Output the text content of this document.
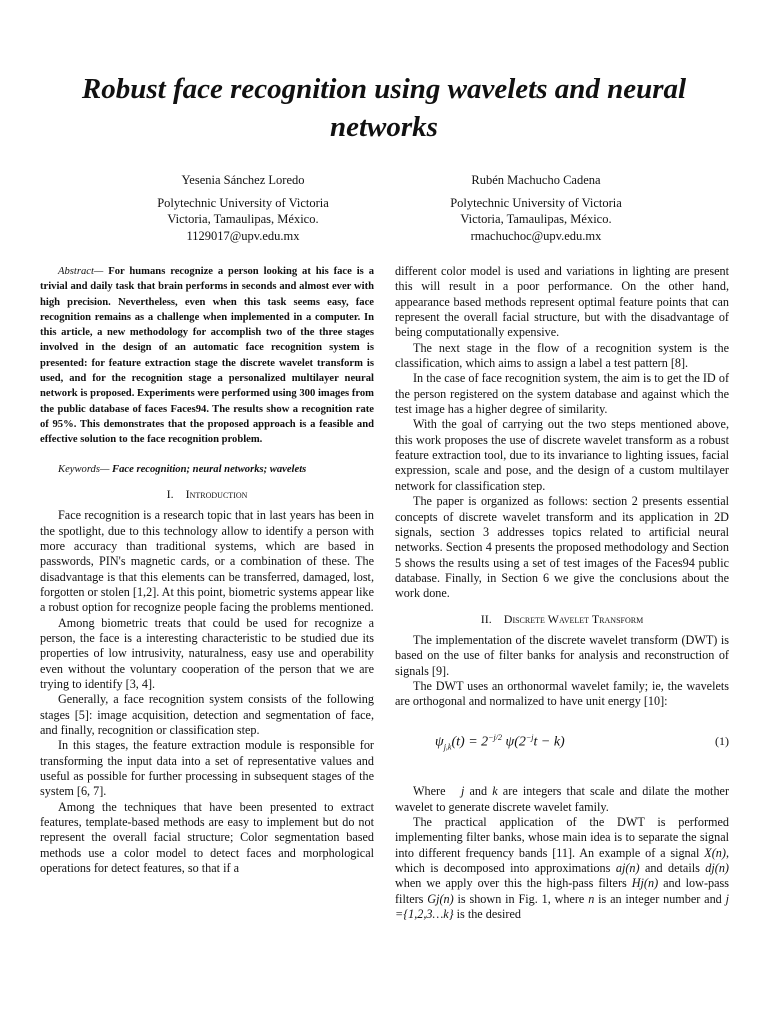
Robust face recognition using wavelets and neural networks
Yesenia Sánchez Loredo
Polytechnic University of Victoria
Victoria, Tamaulipas, México.
1129017@upv.edu.mx
Rubén Machucho Cadena
Polytechnic University of Victoria
Victoria, Tamaulipas, México.
rmachuchoc@upv.edu.mx

Abstract— For humans recognize a person looking at his face is a trivial and daily task that brain performs in seconds and almost ever with high precision. Nevertheless, even when this task seems easy, face recognition remains as a challenge when implemented in a computer. In this article, a new methodology for accomplish two of the three stages involved in the design of an automatic face recognition system is presented: for feature extraction stage the discrete wavelet transform is used, and for the recognition stage a personalized multilayer neural network is proposed. Experiments were performed using 300 images from the public database of faces Faces94. The results show a recognition rate of 95%. This demonstrates that the proposed approach is a feasible and effective solution to the face recognition problem.

Keywords— Face recognition; neural networks; wavelets

I. Introduction

Face recognition is a research topic that in last years has been in the spotlight, due to this technology allow to identify a person with more accuracy than traditional systems, which are based in passwords, PIN's magnetic cards, or a combination of these. The disadvantage is that this elements can be transferred, damaged, lost, forgotten or stolen [1,2]. At this point, biometric systems appear like a robust option for recognize people facing the problems mentioned.

Among biometric treats that could be used for recognize a person, the face is a interesting characteristic to be studied due its properties of low intrusivity, naturalness, easy use and operability even without the voluntary cooperation of the person that we are trying to identify [3, 4].

Generally, a face recognition system consists of the following stages [5]: image acquisition, detection and segmentation of face, and finally, recognition or classification step.

In this stages, the feature extraction module is responsible for transforming the input data into a set of representative values and useful as possible for further processing in subsequent stages of the system [6, 7].

Among the techniques that have been presented to extract features, template-based methods are easy to implement but do not represent the overall facial structure; Color segmentation based methods use a color model to detect faces and morphological operations for detect features, so that if a

different color model is used and variations in lighting are present this will result in a poor performance. On the other hand, appearance based methods represent optimal feature points that can represent the overall facial structure, but with the disadvantage of being computationally expensive.

The next stage in the flow of a recognition system is the classification, which aims to assign a label a test pattern [8].

In the case of face recognition system, the aim is to get the ID of the person registered on the system database and against which the test image has a higher degree of similarity.

With the goal of carrying out the two steps mentioned above, this work proposes the use of discrete wavelet transform as a robust feature extraction tool, due to its invariance to lighting issues, facial expression, scale and pose, and the design of a custom multilayer network for classification step.

The paper is organized as follows: section 2 presents essential concepts of discrete wavelet transform and its application in 2D signals, section 3 addresses topics related to artificial neural networks. Section 4 presents the proposed methodology and Section 5 shows the results using a set of test images of the Faces94 public database. Finally, in Section 6 we give the conclusions about the work done.

II. Discrete Wavelet Transform

The implementation of the discrete wavelet transform (DWT) is based on the use of filter banks for analysis and reconstruction of signals [9].

The DWT uses an orthonormal wavelet family; ie, the wavelets are orthogonal and normalized to have unit energy [10]:

$\psi_{j,k}(t) = 2^{-j/2}$ $\psi(2^{-j}t - k)$	(1)

Where j and k are integers that scale and dilate the mother wavelet to generate discrete wavelet family.

The practical application of the DWT is performed implementing filter banks, whose main idea is to separate the signal into different frequency bands [11]. An example of a signal X(n), which is decomposed into approximations aj(n) and details dj(n) when we apply over this the high-pass filters Hj(n) and low-pass filters Gj(n) is shown in Fig. 1, where n is an integer number and j ={1,2,3…k} is the desired
